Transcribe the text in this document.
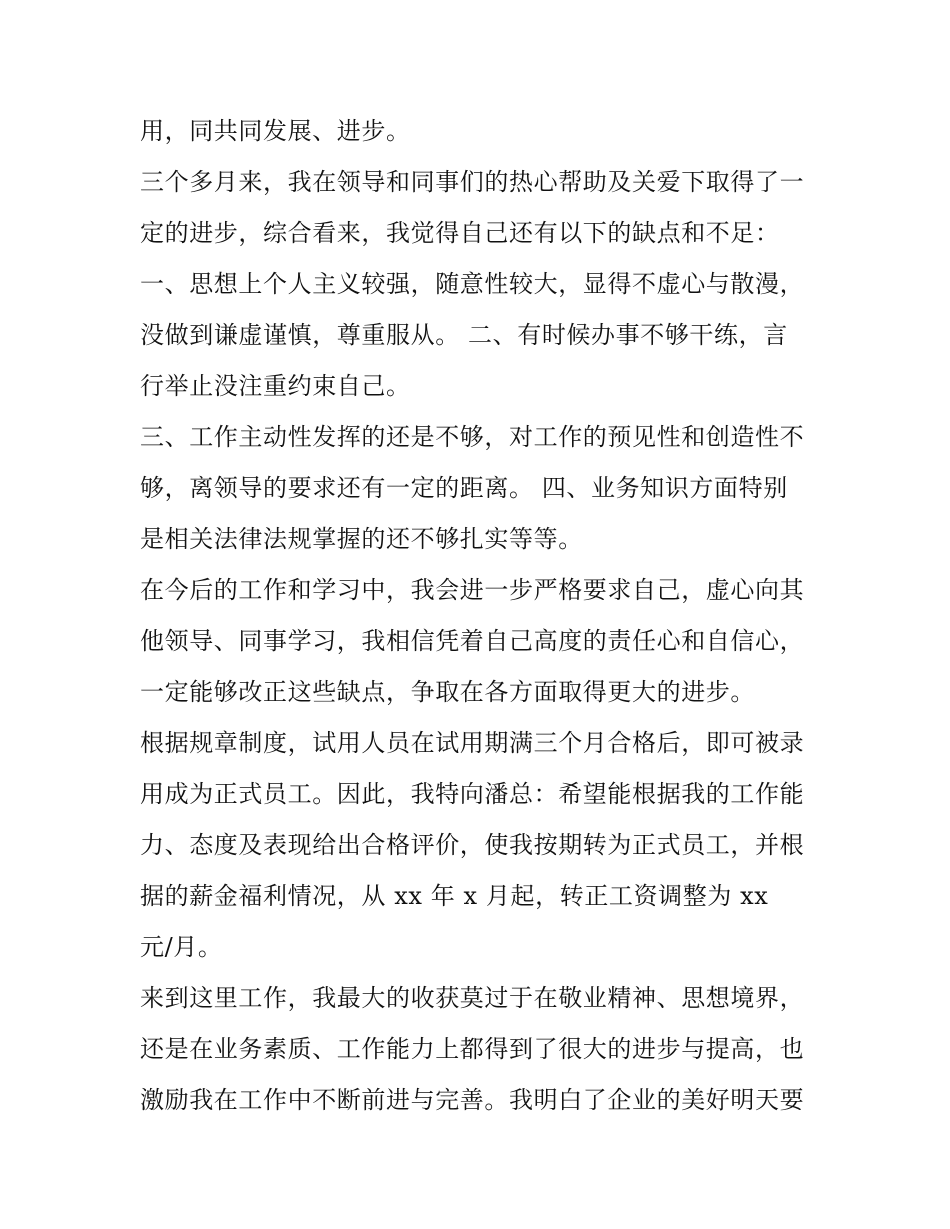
用，同共同发展、进步。
三个多月来，我在领导和同事们的热心帮助及关爱下取得了一
定的进步，综合看来，我觉得自己还有以下的缺点和不足：
一、思想上个人主义较强，随意性较大，显得不虚心与散漫，
没做到谦虚谨慎，尊重服从。 二、有时候办事不够干练，言
行举止没注重约束自己。
三、工作主动性发挥的还是不够，对工作的预见性和创造性不
够，离领导的要求还有一定的距离。 四、业务知识方面特别
是相关法律法规掌握的还不够扎实等等。
在今后的工作和学习中，我会进一步严格要求自己，虚心向其
他领导、同事学习，我相信凭着自己高度的责任心和自信心，
一定能够改正这些缺点，争取在各方面取得更大的进步。
根据规章制度，试用人员在试用期满三个月合格后，即可被录
用成为正式员工。因此，我特向潘总：希望能根据我的工作能
力、态度及表现给出合格评价，使我按期转为正式员工，并根
据的薪金福利情况，从 xx 年 x 月起，转正工资调整为 xx
元/月。
来到这里工作，我最大的收获莫过于在敬业精神、思想境界，
还是在业务素质、工作能力上都得到了很大的进步与提高，也
激励我在工作中不断前进与完善。我明白了企业的美好明天要
